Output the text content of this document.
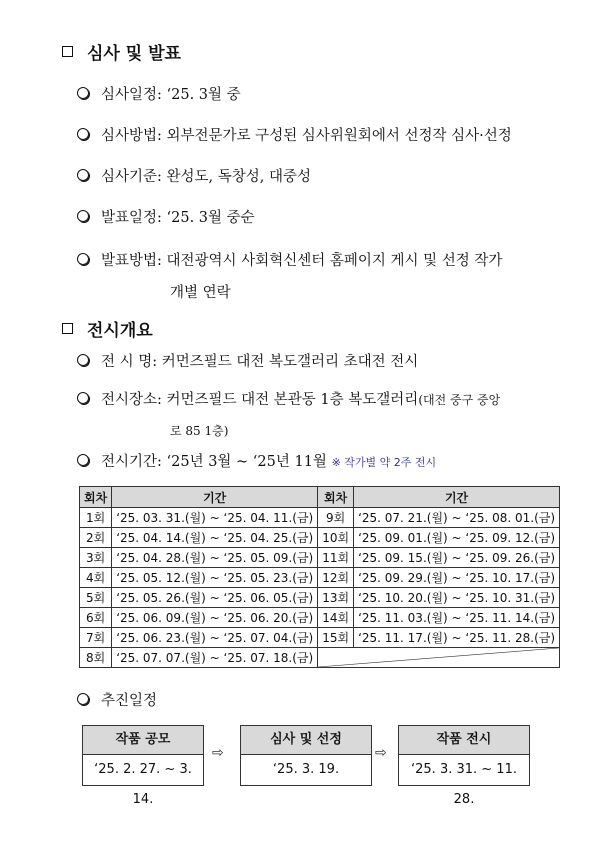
심사 및 발표
심사일정: ‘25. 3월 중
심사방법: 외부전문가로 구성된 심사위원회에서 선정작 심사·선정
심사기준: 완성도, 독창성, 대중성
발표일정: ‘25. 3월 중순
발표방법: 대전광역시 사회혁신센터 홈페이지 게시 및 선정 작가
개별 연락
전시개요
전 시 명: 커먼즈필드 대전 복도갤러리 초대전 전시
전시장소: 커먼즈필드 대전 본관동 1층 복도갤러리(대전 중구 중앙
로 85 1층)
전시기간: ‘25년 3월 ~ ‘25년 11월 ※ 작가별 약 2주 전시
회차	기간	회차	기간
1회	‘25. 03. 31.(월) ~ ‘25. 04. 11.(금)	9회	‘25. 07. 21.(월) ~ ‘25. 08. 01.(금)
2회	‘25. 04. 14.(월) ~ ‘25. 04. 25.(금)	10회	‘25. 09. 01.(월) ~ ‘25. 09. 12.(금)
3회	‘25. 04. 28.(월) ~ ‘25. 05. 09.(금)	11회	‘25. 09. 15.(월) ~ ‘25. 09. 26.(금)
4회	‘25. 05. 12.(월) ~ ‘25. 05. 23.(금)	12회	‘25. 09. 29.(월) ~ ‘25. 10. 17.(금)
5회	‘25. 05. 26.(월) ~ ‘25. 06. 05.(금)	13회	‘25. 10. 20.(월) ~ ‘25. 10. 31.(금)
6회	‘25. 06. 09.(월) ~ ‘25. 06. 20.(금)	14회	‘25. 11. 03.(월) ~ ‘25. 11. 14.(금)
7회	‘25. 06. 23.(월) ~ ‘25. 07. 04.(금)	15회	‘25. 11. 17.(월) ~ ‘25. 11. 28.(금)
8회	‘25. 07. 07.(월) ~ ‘25. 07. 18.(금)	
추진일정
작품 공모
‘25. 2. 27. ~ 3. 14.
⇨
심사 및 선정
‘25. 3. 19.
⇨
작품 전시
‘25. 3. 31. ~ 11. 28.
